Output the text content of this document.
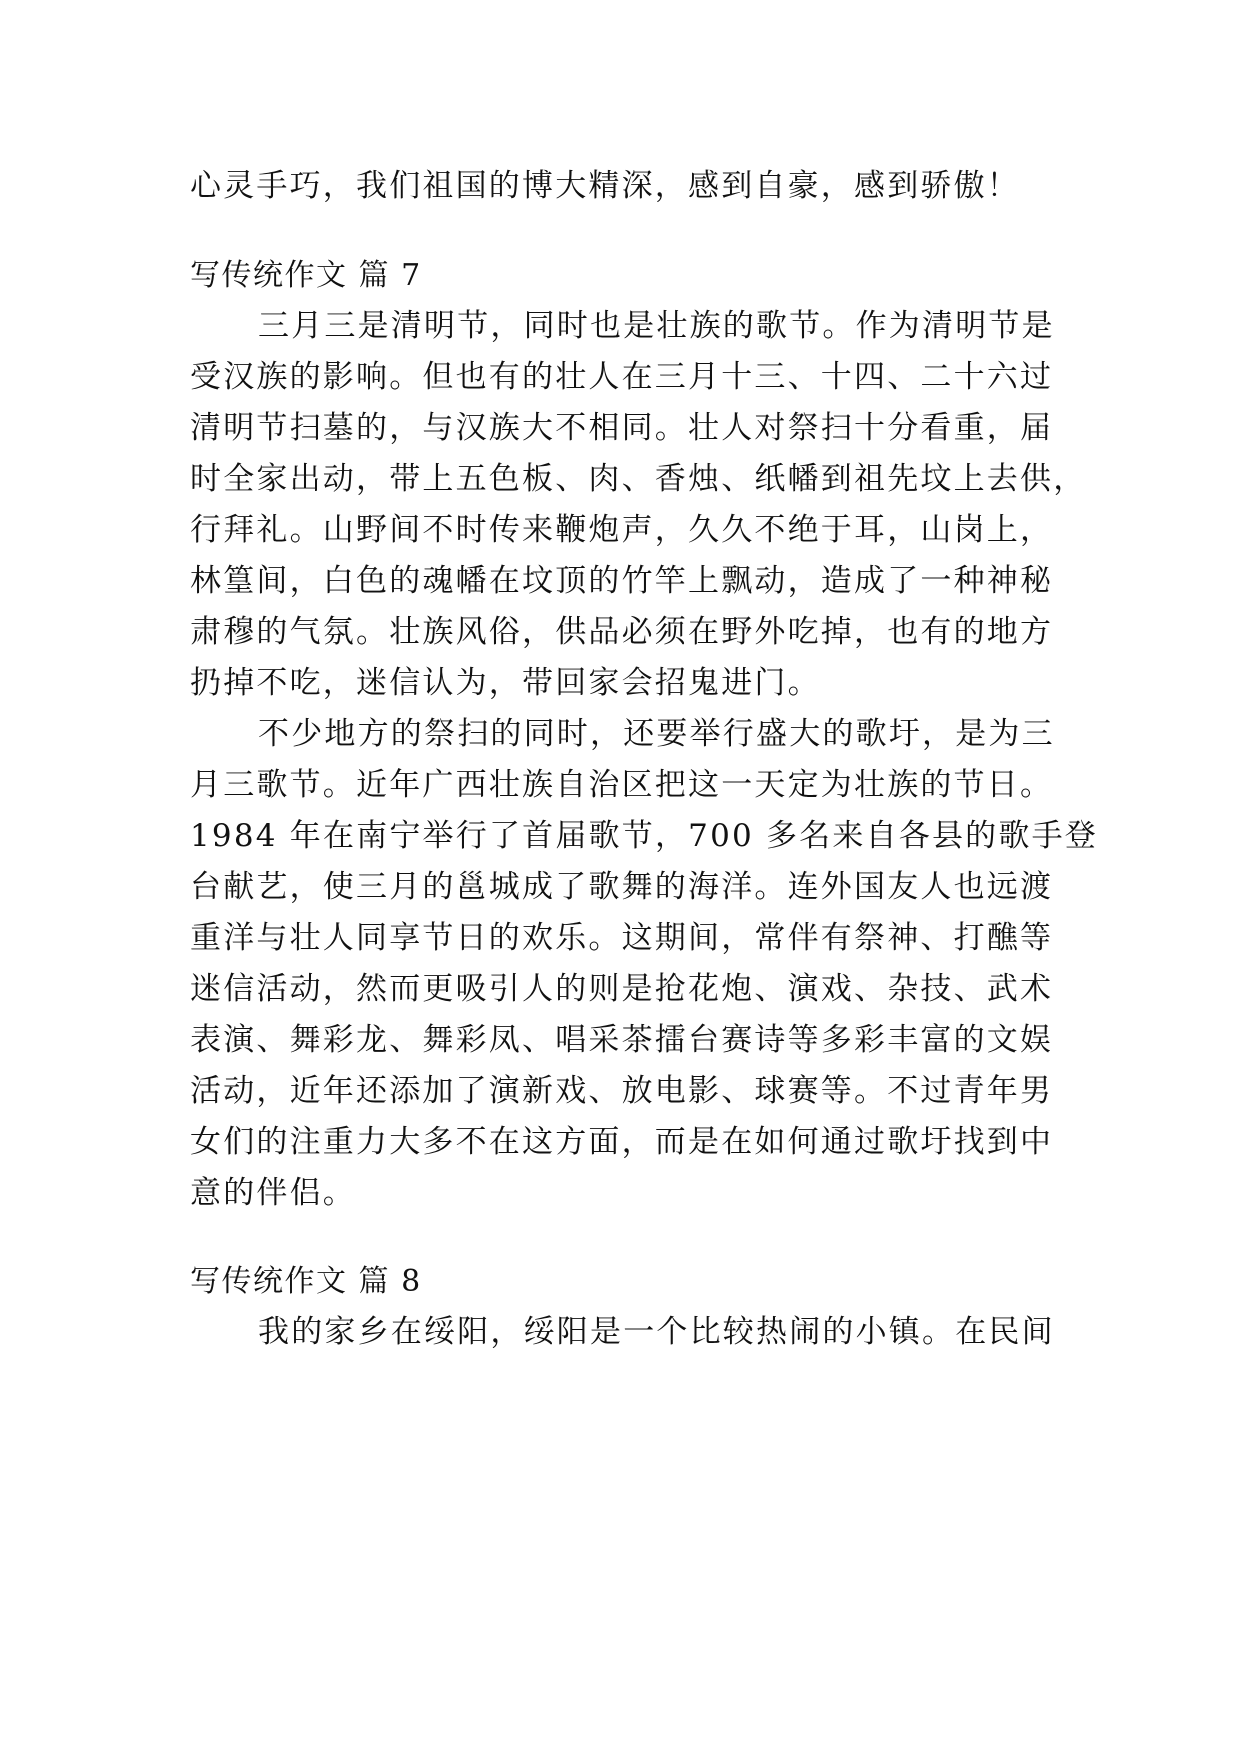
心灵手巧，我们祖国的博大精深，感到自豪，感到骄傲！
写传统作文 篇 7
三月三是清明节，同时也是壮族的歌节。作为清明节是
受汉族的影响。但也有的壮人在三月十三、十四、二十六过
清明节扫墓的，与汉族大不相同。壮人对祭扫十分看重，届
时全家出动，带上五色板、肉、香烛、纸幡到祖先坟上去供，
行拜礼。山野间不时传来鞭炮声，久久不绝于耳，山岗上，
林篁间，白色的魂幡在坟顶的竹竿上飘动，造成了一种神秘
肃穆的气氛。壮族风俗，供品必须在野外吃掉，也有的地方
扔掉不吃，迷信认为，带回家会招鬼进门。
不少地方的祭扫的同时，还要举行盛大的歌圩，是为三
月三歌节。近年广西壮族自治区把这一天定为壮族的节日。
1984 年在南宁举行了首届歌节，700 多名来自各县的歌手登
台献艺，使三月的邕城成了歌舞的海洋。连外国友人也远渡
重洋与壮人同享节日的欢乐。这期间，常伴有祭神、打醮等
迷信活动，然而更吸引人的则是抢花炮、演戏、杂技、武术
表演、舞彩龙、舞彩凤、唱采茶擂台赛诗等多彩丰富的文娱
活动，近年还添加了演新戏、放电影、球赛等。不过青年男
女们的注重力大多不在这方面，而是在如何通过歌圩找到中
意的伴侣。
写传统作文 篇 8
我的家乡在绥阳，绥阳是一个比较热闹的小镇。在民间
